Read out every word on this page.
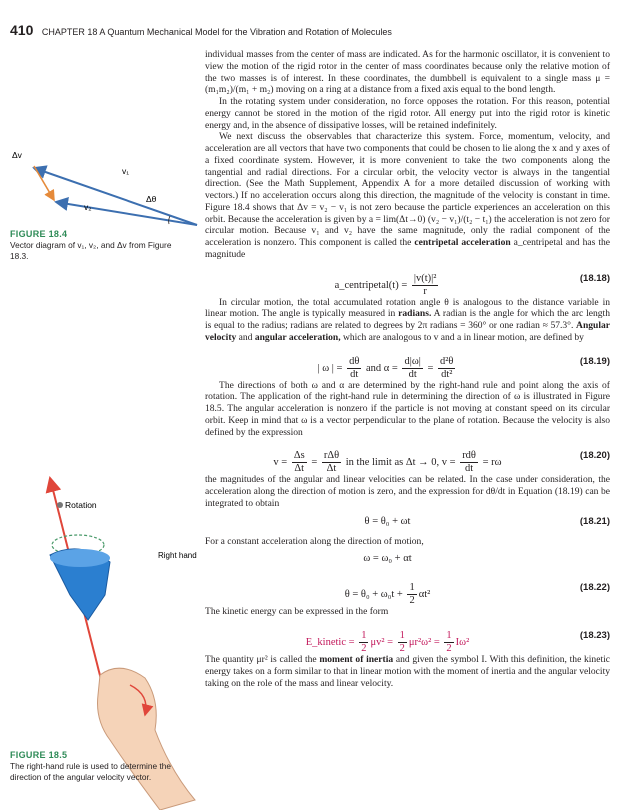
410 CHAPTER 18 A Quantum Mechanical Model for the Vibration and Rotation of Molecules
Δv
v₁
v₂
Δθ
FIGURE 18.4
Vector diagram of v₁, v₂, and Δv from Figure 18.3.
Rotation
Right hand
FIGURE 18.5
The right-hand rule is used to determine the direction of the angular velocity vector.

individual masses from the center of mass are indicated. As for the harmonic oscillator, it is convenient to view the motion of the rigid rotor in the center of mass coordinates because only the relative motion of the two masses is of interest. In these coordinates, the dumbbell is equivalent to a single mass μ = (m₁m₂)/(m₁ + m₂) moving on a ring at a distance from a fixed axis equal to the bond length.

In the rotating system under consideration, no force opposes the rotation. For this reason, potential energy cannot be stored in the motion of the rigid rotor. All energy put into the rigid rotor is kinetic energy and, in the absence of dissipative losses, will be retained indefinitely.

We next discuss the observables that characterize this system. Force, momentum, velocity, and acceleration are all vectors that have two components that could be chosen to lie along the x and y axes of a fixed coordinate system. However, it is more convenient to take the two components along the tangential and radial directions. For a circular orbit, the velocity vector is always in the tangential direction. (See the Math Supplement, Appendix A for a more detailed discussion of working with vectors.) If no acceleration occurs along this direction, the magnitude of the velocity is constant in time. Figure 18.4 shows that Δv = v₂ − v₁ is not zero because the particle experiences an acceleration on this orbit. Because the acceleration is given by a = lim(Δt→0) (v₂ − v₁)/(t₂ − t₁) the acceleration is not zero for circular motion. Because v₁ and v₂ have the same magnitude, only the radial component of the acceleration is nonzero. This component is called the centripetal acceleration a_centripetal and has the magnitude

a_centripetal(t) = $\frac{\text{|v(t)|²}}{r}$	(18.18)

In circular motion, the total accumulated rotation angle θ is analogous to the distance variable in linear motion. The angle is typically measured in radians. A radian is the angle for which the arc length is equal to the radius; radians are related to degrees by 2π radians = 360° or one radian ≈ 57.3°. Angular velocity and angular acceleration, which are analogous to v and a in linear motion, are defined by

| ω | = $\frac{d\theta}{dt}$ and $\alpha = \frac{d|\omega|}{dt} = \frac{\text{d²θ}}{\text{dt²}}$	(18.19)

The directions of both ω and α are determined by the right-hand rule and point along the axis of rotation. The application of the right-hand rule in determining the direction of ω is illustrated in Figure 18.5. The angular acceleration is nonzero if the particle is not moving at constant speed on its circular orbit. Keep in mind that ω is a vector perpendicular to the plane of rotation. Because the velocity is also defined by the expression

$v = \frac{\Delta s}{\Delta t} = \frac{\text{rΔθ}}{\Delta t}$ in the limit as Δt → 0, $v = \frac{\text{rdθ}}{dt} = r\omega$
(18.20)

the magnitudes of the angular and linear velocities can be related. In the case under consideration, the acceleration along the direction of motion is zero, and the expression for dθ/dt in Equation (18.19) can be integrated to obtain

θ = θ₀ + ωt	(18.21)

For a constant acceleration along the direction of motion,

ω = ω₀ + αt
$\theta = \theta_0 + \omega_0t + \frac{1}{2} \alpha t^2$
(18.22)

The kinetic energy can be expressed in the form

E_kinetic = $\frac{1}{2} \mu v^2 = \frac{1}{2} \mu r^2\omega^2 = \frac{1}{2} I\omega^2$
(18.23)

The quantity μr² is called the moment of inertia and given the symbol I. With this definition, the kinetic energy takes on a form similar to that in linear motion with the moment of inertia and the angular velocity taking on the role of the mass and linear velocity.
